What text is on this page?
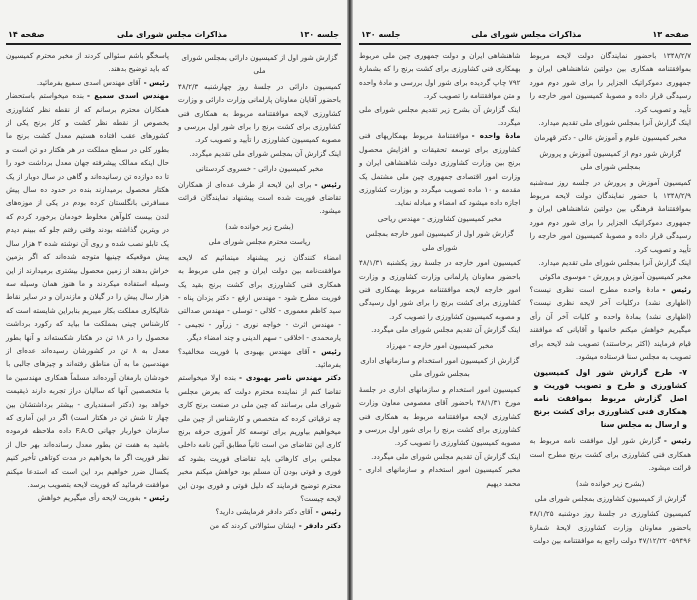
صفحه ۱۴	مذاکرات مجلس شورای ملی	جلسه ۱۳۰

گزارش شور اول از کمیسیون دارائی بمجلس شورای ملی

کمیسیون دارائی در جلسهٔ روز چهارشنبه ۴۸/۲/۳ باحضور آقایان معاونان پارلمانی وزارت دارائی و وزارت کشاورزی لایحه موافقتنامه مربوط به همکاری فنی کشاورزی برای کشت برنج را برای شور اول بررسی و مصوبه کمیسیون کشاورزی را تأیید و تصویب کرد.

اینک گزارش آن بمجلس شورای ملی تقدیم میگردد.

مخبر کمیسیون دارائی - خسروی کردستانی

رئیس -برای این لایحه از طرف عده‌ای از همکاران تقاضای فوریت شده است پیشنهاد نمایندگان قرائت میشود.

(بشرح زیر خوانده شد)

ریاست محترم مجلس شورای ملی

امضاء کنندگان زیر پیشنهاد مینمائیم که لایحه موافقت‌نامه بین دولت ایران و چین ملی مربوط به همکاری فنی کشاورزی برای کشت برنج بقید یک فوریت مطرح شود - مهندس ارفع - دکتر یزدان پناه - سید کاظم معموری - کلالی - توسلی - مهندس صدالتی - مهندس اثرث - خواجه نوری - زرآور - نجیمی - یارمحمدی - اخلاقی - سهم الدینی و چند امضاء دیگر.

رئیس -آقای مهندس بهبودی با فوریت مخالفید؟ بفرمائید.

دکتر مهندس ناصر بهبودی -بنده اولا میخواستم تقاضا کنم از نماینده محترم دولت که بعرض مجلس شورای ملی برسانند که چین ملی در صنعت برنج کاری چه ترقیاتی کرده که متخصص و کارشناس از چین ملی میخواهیم بیاوریم برای توسعه کار آموزی حرفه برنج کاری این تقاضای من است ثانیاً مطابق آئین نامه داخلی مجلس برای کارهائی باید تقاضای فوریت بشود که فوری و فوتی بودن آن مسلم بود خواهش میکنم مخبر محترم توضیح فرمایند که دلیل فوتی و فوری بودن این لایحه چیست؟

رئیس -آقای دکتر دادفر فرمایشی دارید؟

دکتر دادفر -ایشان سئوالاتی کردند که من

پاسخگو باشم سئوالی کردند از مخبر محترم کمیسیون که باید توضیح بدهند.

رئیس -آقای مهندس اسدی سمیع بفرمائید.

مهندس اسدی سمیع -بنده میخواستم باستحضار همکاران محترم برسانم که از نقطه نظر کشاورزی بخصوص از نقطه نظر کشت و کار برنج یکی از کشورهای عقب افتاده هستیم معدل کشت برنج ما بطور کلی در سطح مملکت در هر هکتار دو تن است و حال اینکه ممالک پیشرفته جهان معدل برداشت خود را تا ده دوازده تن رسانیده‌اند و گاهی در سال دوبار از یک هکتار محصول برمیدارند بنده در حدود ده سال پیش مسافرتی بانگلستان کرده بودم در یکی از موزه‌های لندن بیست کلوآهن مخلوط خودمان برخورد کردم که در ویترین گذاشته بودند وقتی رفتم جلو که ببینم دیدم یک تابلو نصب شده و روی آن نوشته شده ۳ هزار سال پیش موقعیکه چینیها متوجه شده‌اند که اگر بزمین خراش بدهند از زمین محصول بیشتری برمیدارند از این وسیله استفاده میکردند و ما هنوز همان وسیله سه هزار سال پیش را در گیلان و مازندران و در سایر نقاط شالیکاری مملکت بکار میبریم بنابراین شایسته است که کارشناس چینی بمملکت ما بیاید که رکورد برداشت محصول را در ۱۸ تن در هکتار شکسته‌اند و آنها بطور معدل به ۸ تن در کشورشان رسیده‌اند عده‌ای از مهندسین ما به آن مناطق رفته‌اند و چیزهای جالبی با خودشان بارمغان آورده‌اند مسلماً همکاری مهندسین ما با متخصصین آنها که سالیان دراز تجربه دارند ذیقیمت خواهد بود (دکتر اسفندیاری - بیشتر برداشتشان بین چهار تا شش تن در هکتار است) اگر در این آماری که سازمان خواربار جهانی F.A.O داده ملاحظه فرموده باشید به هفت تن بطور معدل رسانده‌اند بهر حال از نظر فوریت اگر ما بخواهیم در مدت کوتاهی تأخیر کنیم یکسال ضرر خواهیم برد این است که استدعا میکنم موافقت فرمائید که فوریت لایحه بتصویب برسد.

رئیس -بفوریت لایحه رأی میگیریم خواهش

جلسه ۱۳۰	مذاکرات مجلس شورای ملی	صفحه ۱۳

۱۳۴۸/۲/۷ باحضور نمایندگان دولت لایحه مربوط بموافقتنامه همکاری بین دولتین شاهنشاهی ایران و جمهوری دموکراتیک الجزایر را برای شور دوم مورد رسیدگی قرار داده و مصوبهٔ کمیسیون امور خارجه را تأیید و تصویب کرد.

اینک گزارش آنرا بمجلس شورای ملی تقدیم میدارد.

مخبر کمیسیون علوم و آموزش عالی - دکتر قهرمان

گزارش شور دوم از کمیسیون آموزش و پرورش بمجلس شورای ملی

کمیسیون آموزش و پرورش در جلسه روز سه‌شنبه ۱۳۴۸/۲/۹ با حضور نمایندگان دولت لایحه مربوط بموافقتنامهٔ فرهنگی بین دولتین شاهنشاهی ایران و جمهوری دموکراتیک الجزایر را برای شور دوم مورد رسیدگی قرار داده و مصوبهٔ کمیسیون امور خارجه را تأیید و تصویب کرد.

اینک گزارش آنرا بمجلس شورای ملی تقدیم میدارد.

مخبر کمیسیون آموزش و پرورش - موسوی ماکوئی

رئیس -مادهٔ واحده مطرح است نظری نیست؟ (اظهاری نشد) درکلیات آخر لایحه نظری نیست؟ (اظهاری نشد) بمادهٔ واحده و کلیات آخر آن رأی میگیریم خواهش میکنم خانمها و آقایانی که موافقند قیام فرمایند (اکثر برخاستند) تصویب شد لایحه برای تصویب به مجلس سنا فرستاده میشود.

۷- طرح گزارش شور اول کمیسیون کشاورزی و طرح و تصویب فوریت و اصل گزارش مربوط بموافقت نامه همکاری فنی کشاورزی برای کشت برنج و ارسال به مجلس سنا

رئیس -گزارش شور اول موافقت نامه مربوط به همکاری فنی کشاورزی برای کشت برنج مطرح است قرائت میشود.

(بشرح زیر خوانده شد)

گزارش از کمیسیون کشاورزی بمجلس شورای ملی

کمیسیون کشاورزی در جلسهٔ روز دوشنبه ۴۸/۱/۲۵ باحضور معاونان وزارت کشاورزی لایحهٔ شمارهٔ ۵۹۴۹۶- ۴۷/۱۲/۲۲ دولت راجع به موافقتنامه بین دولت

شاهنشاهی ایران و دولت جمهوری چین ملی مربوط بهمکاری فنی کشاورزی برای کشت برنج را که بشمارهٔ ۷۹۲ چاپ گردیده برای شور اول بررسی و مادهٔ واحده و متن موافقتنامه را تصویب کرد.

اینک گزارش آن بشرح زیر تقدیم مجلس شورای ملی میگردد.

مادهٔ واحده -موافقتنامهٔ مربوط بهمکاریهای فنی کشاورزی برای توسعه تحقیقات و افزایش محصول برنج بین وزارت کشاورزی دولت شاهنشاهی ایران و وزارت امور اقتصادی جمهوری چین ملی مشتمل یک مقدمه و ۱۰ ماده تصویب میگردد و بوزارت کشاورزی اجازه داده میشود که امضاء و مبادله نماید.

مخبر کمیسیون کشاورزی - مهندس ریاحی

گزارش شور اول از کمیسیون امور خارجه بمجلس شورای ملی

کمیسیون امور خارجه در جلسهٔ روز یکشنبه ۴۸/۱/۳۱ باحضور معاونان پارلمانی وزارت کشاورزی و وزارت امور خارجه لایحه موافقتنامه مربوط بهمکاری فنی کشاورزی برای کشت برنج را برای شور اول رسیدگی و مصوبه کمیسیون کشاورزی را تصویب کرد.

اینک گزارش آن تقدیم مجلس شورای ملی میگردد.

مخبر کمیسیون امور خارجه - مهرزاد

گزارش از کمیسیون امور استخدام و سازمانهای اداری بمجلس شورای ملی

کمیسیون امور استخدام و سازمانهای اداری در جلسهٔ مورخ ۴۸/۱/۳۱ باحضور آقای معصومی معاون وزارت کشاورزی لایحه موافقتنامه مربوط به همکاری فنی کشاورزی برای کشت برنج را برای شور اول بررسی و مصوبه کمیسیون کشاورزی را تصویب کرد.

اینک گزارش آن تقدیم مجلس شورای ملی میگردد.

مخبر کمیسیون امور استخدام و سازمانهای اداری - محمد دیهیم
